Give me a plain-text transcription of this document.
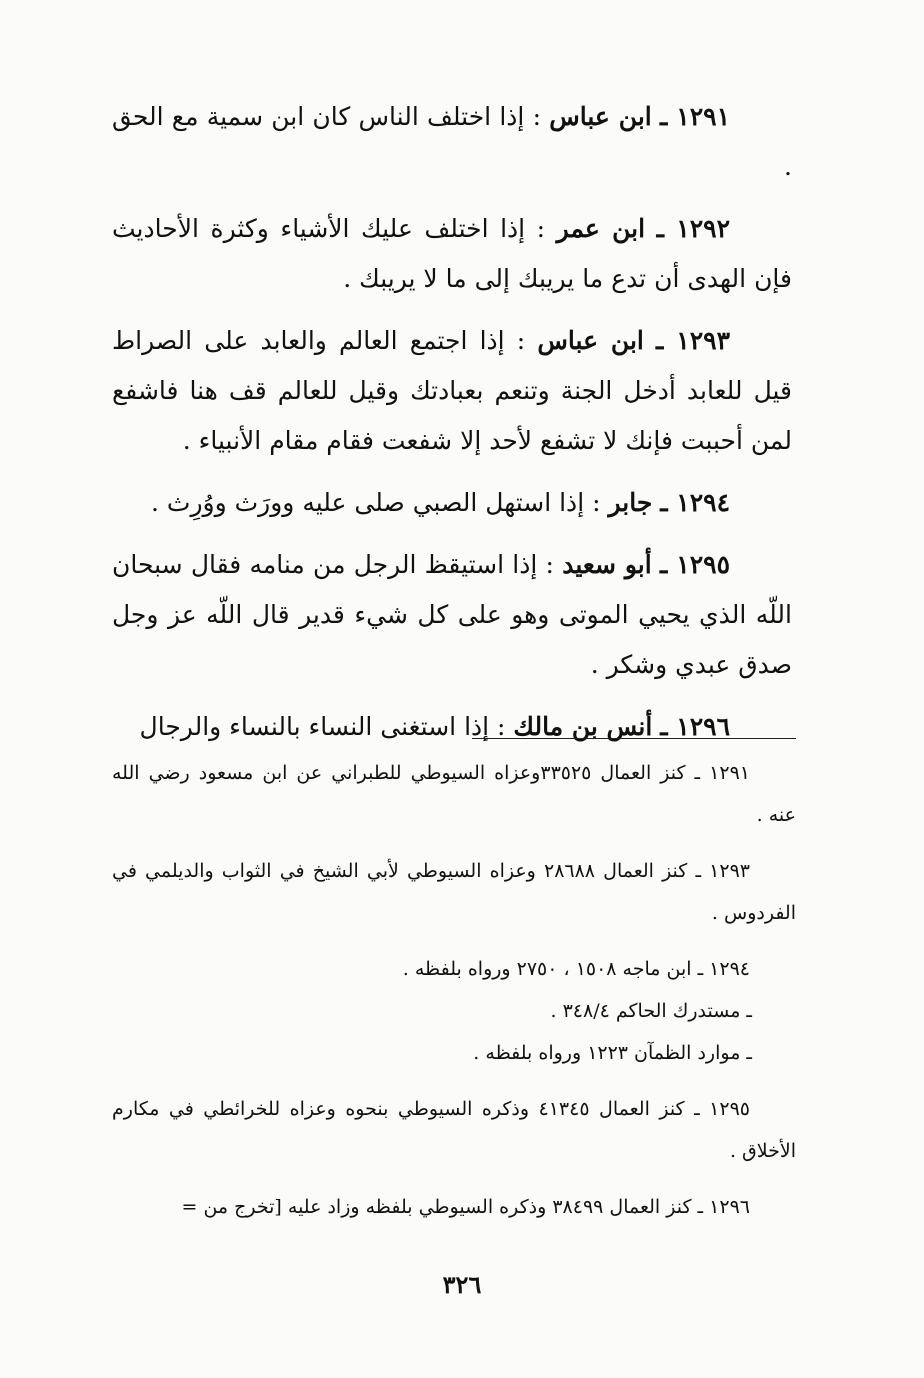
١٢٩١ ـ ابن عباس : إذا اختلف الناس كان ابن سمية مع الحق .

١٢٩٢ ـ ابن عمر : إذا اختلف عليك الأشياء وكثرة الأحاديث فإن الهدى أن تدع ما يريبك إلى ما لا يريبك .

١٢٩٣ ـ ابن عباس : إذا اجتمع العالم والعابد على الصراط قيل للعابد أدخل الجنة وتنعم بعبادتك وقيل للعالم قف هنا فاشفع لمن أحببت فإنك لا تشفع لأحد إلا شفعت فقام مقام الأنبياء .

١٢٩٤ ـ جابر : إذا استهل الصبي صلى عليه وورَث ووُرِث .

١٢٩٥ ـ أبو سعيد : إذا استيقظ الرجل من منامه فقال سبحان اللّه الذي يحيي الموتى وهو على كل شيء قدير قال اللّه عز وجل صدق عبدي وشكر .

١٢٩٦ ـ أنس بن مالك : إذا استغنى النساء بالنساء والرجال

١٢٩١ ـ كنز العمال ٣٣٥٢٥وعزاه السيوطي للطبراني عن ابن مسعود رضي الله عنه .

١٢٩٣ ـ كنز العمال ٢٨٦٨٨ وعزاه السيوطي لأبي الشيخ في الثواب والديلمي في الفردوس .

١٢٩٤ ـ ابن ماجه ١٥٠٨ ، ٢٧٥٠ ورواه بلفظه .

ـ مستدرك الحاكم ٣٤٨/٤ .

ـ موارد الظمآن ١٢٢٣ ورواه بلفظه .

١٢٩٥ ـ كنز العمال ٤١٣٤٥ وذكره السيوطي بنحوه وعزاه للخرائطي في مكارم الأخلاق .

١٢٩٦ ـ كنز العمال ٣٨٤٩٩ وذكره السيوطي بلفظه وزاد عليه [تخرج من =

٣٢٦
